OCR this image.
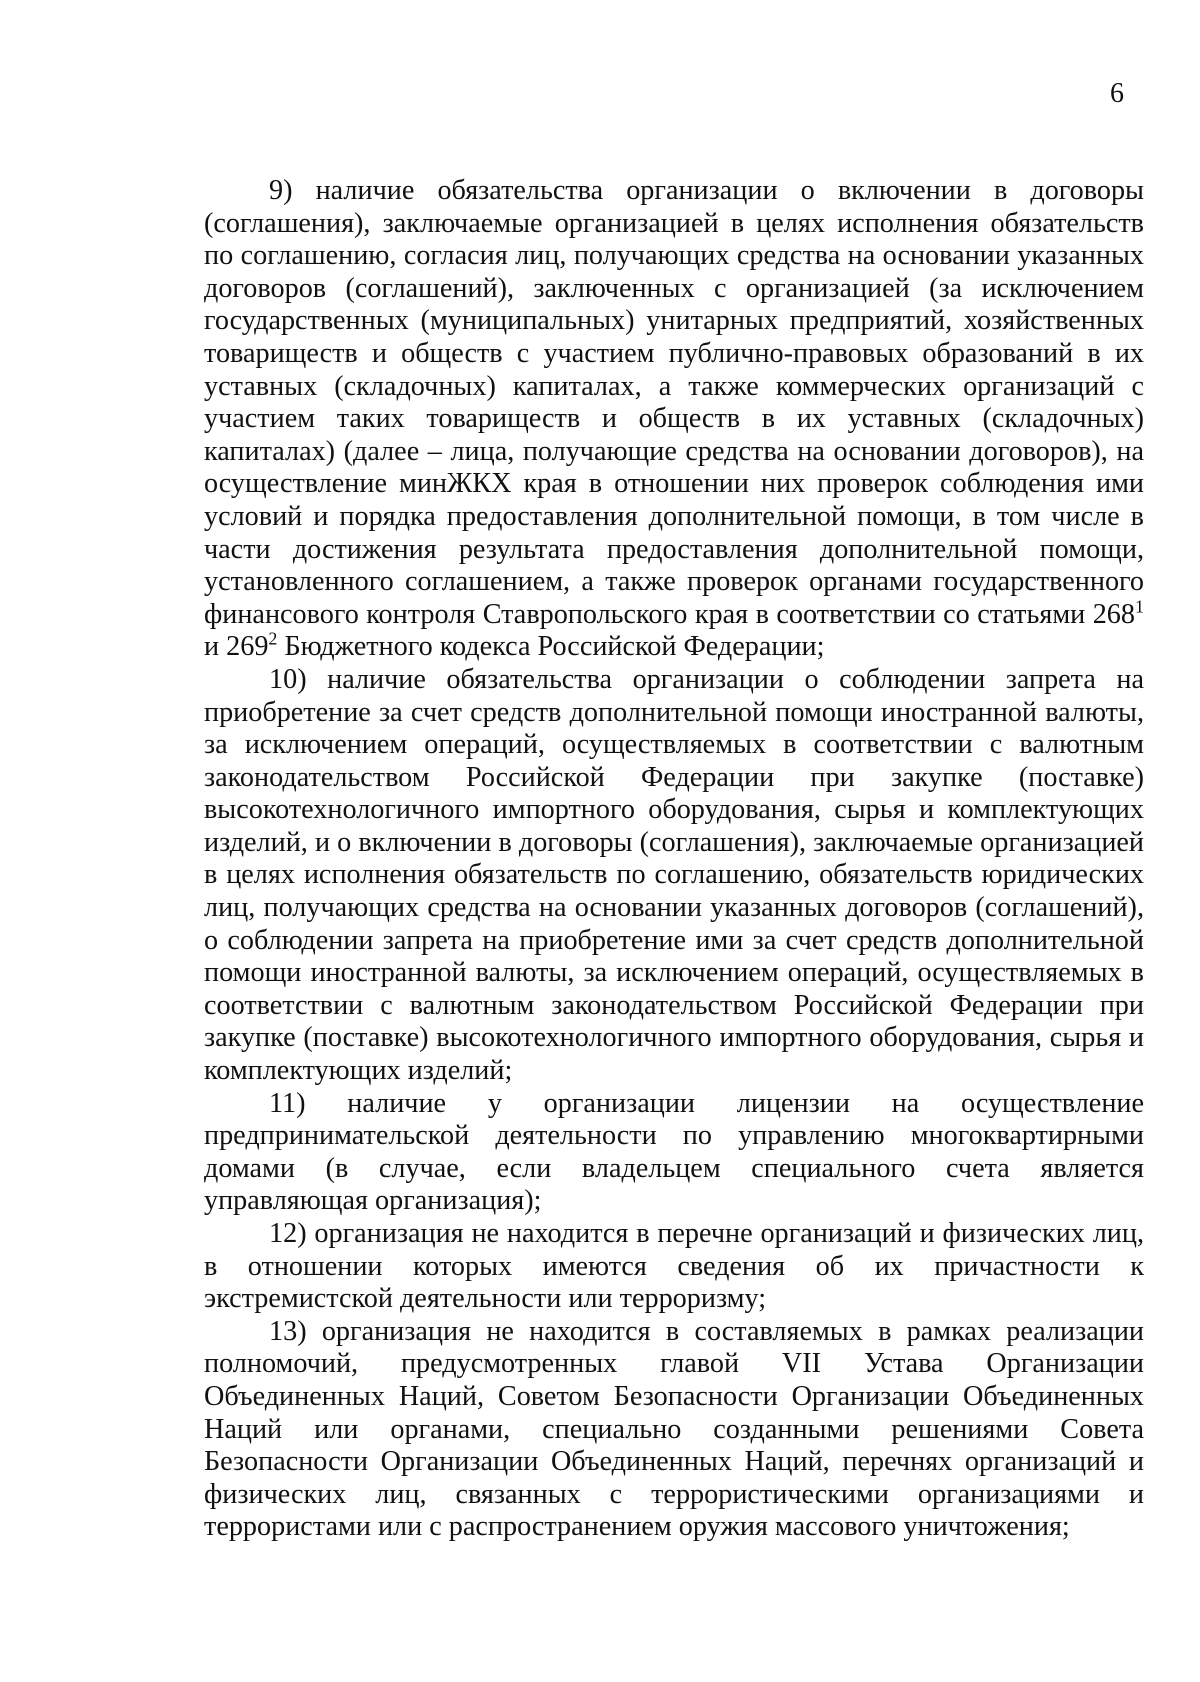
6

9) наличие обязательства организации о включении в договоры (соглашения), заключаемые организацией в целях исполнения обязательств по соглашению, согласия лиц, получающих средства на основании указанных договоров (соглашений), заключенных с организацией (за исключением государственных (муниципальных) унитарных предприятий, хозяйственных товариществ и обществ с участием публично-правовых образований в их уставных (складочных) капиталах, а также коммерческих организаций с участием таких товариществ и обществ в их уставных (складочных) капиталах) (далее – лица, получающие средства на основании договоров), на осуществление минЖКХ края в отношении них проверок соблюдения ими условий и порядка предоставления дополнительной помощи, в том числе в части достижения результата предоставления дополнительной помощи, установленного соглашением, а также проверок органами государственного финансового контроля Ставропольского края в соответствии со статьями $268^1$ и $269^2$ Бюджетного кодекса Российской Федерации;

10) наличие обязательства организации о соблюдении запрета на приобретение за счет средств дополнительной помощи иностранной валюты, за исключением операций, осуществляемых в соответствии с валютным законодательством Российской Федерации при закупке (поставке) высокотехнологичного импортного оборудования, сырья и комплектующих изделий, и о включении в договоры (соглашения), заключаемые организацией в целях исполнения обязательств по соглашению, обязательств юридических лиц, получающих средства на основании указанных договоров (соглашений), о соблюдении запрета на приобретение ими за счет средств дополнительной помощи иностранной валюты, за исключением операций, осуществляемых в соответствии с валютным законодательством Российской Федерации при закупке (поставке) высокотехнологичного импортного оборудования, сырья и комплектующих изделий;

11) наличие у организации лицензии на осуществление предпринимательской деятельности по управлению многоквартирными домами (в случае, если владельцем специального счета является управляющая организация);

12) организация не находится в перечне организаций и физических лиц, в отношении которых имеются сведения об их причастности к экстремистской деятельности или терроризму;

13) организация не находится в составляемых в рамках реализации полномочий, предусмотренных главой VII Устава Организации Объединенных Наций, Советом Безопасности Организации Объединенных Наций или органами, специально созданными решениями Совета Безопасности Организации Объединенных Наций, перечнях организаций и физических лиц, связанных с террористическими организациями и террористами или с распространением оружия массового уничтожения;
